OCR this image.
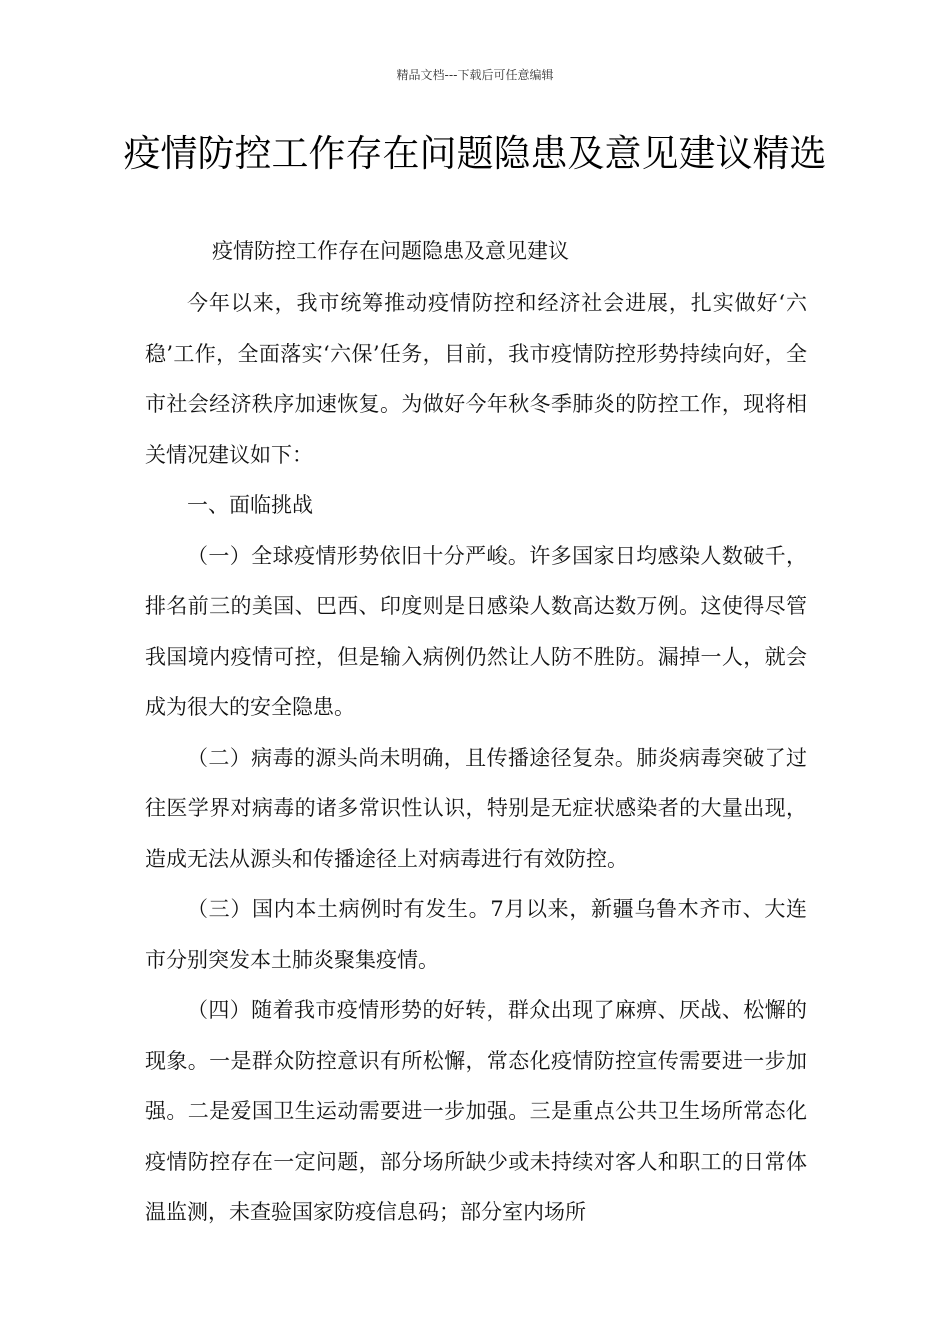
精品文档---下载后可任意编辑
疫情防控工作存在问题隐患及意见建议精选
疫情防控工作存在问题隐患及意见建议

今年以来，我市统筹推动疫情防控和经济社会进展，扎实做好‘六稳’工作，全面落实‘六保’任务，目前，我市疫情防控形势持续向好，全市社会经济秩序加速恢复。为做好今年秋冬季肺炎的防控工作，现将相关情况建议如下：

一、面临挑战

（一）全球疫情形势依旧十分严峻。许多国家日均感染人数破千，排名前三的美国、巴西、印度则是日感染人数高达数万例。这使得尽管我国境内疫情可控，但是输入病例仍然让人防不胜防。漏掉一人，就会成为很大的安全隐患。

（二）病毒的源头尚未明确，且传播途径复杂。肺炎病毒突破了过往医学界对病毒的诸多常识性认识，特别是无症状感染者的大量出现，造成无法从源头和传播途径上对病毒进行有效防控。

（三）国内本土病例时有发生。7月以来，新疆乌鲁木齐市、大连市分别突发本土肺炎聚集疫情。

（四）随着我市疫情形势的好转，群众出现了麻痹、厌战、松懈的现象。一是群众防控意识有所松懈，常态化疫情防控宣传需要进一步加强。二是爱国卫生运动需要进一步加强。三是重点公共卫生场所常态化疫情防控存在一定问题，部分场所缺少或未持续对客人和职工的日常体温监测，未查验国家防疫信息码；部分室内场所
